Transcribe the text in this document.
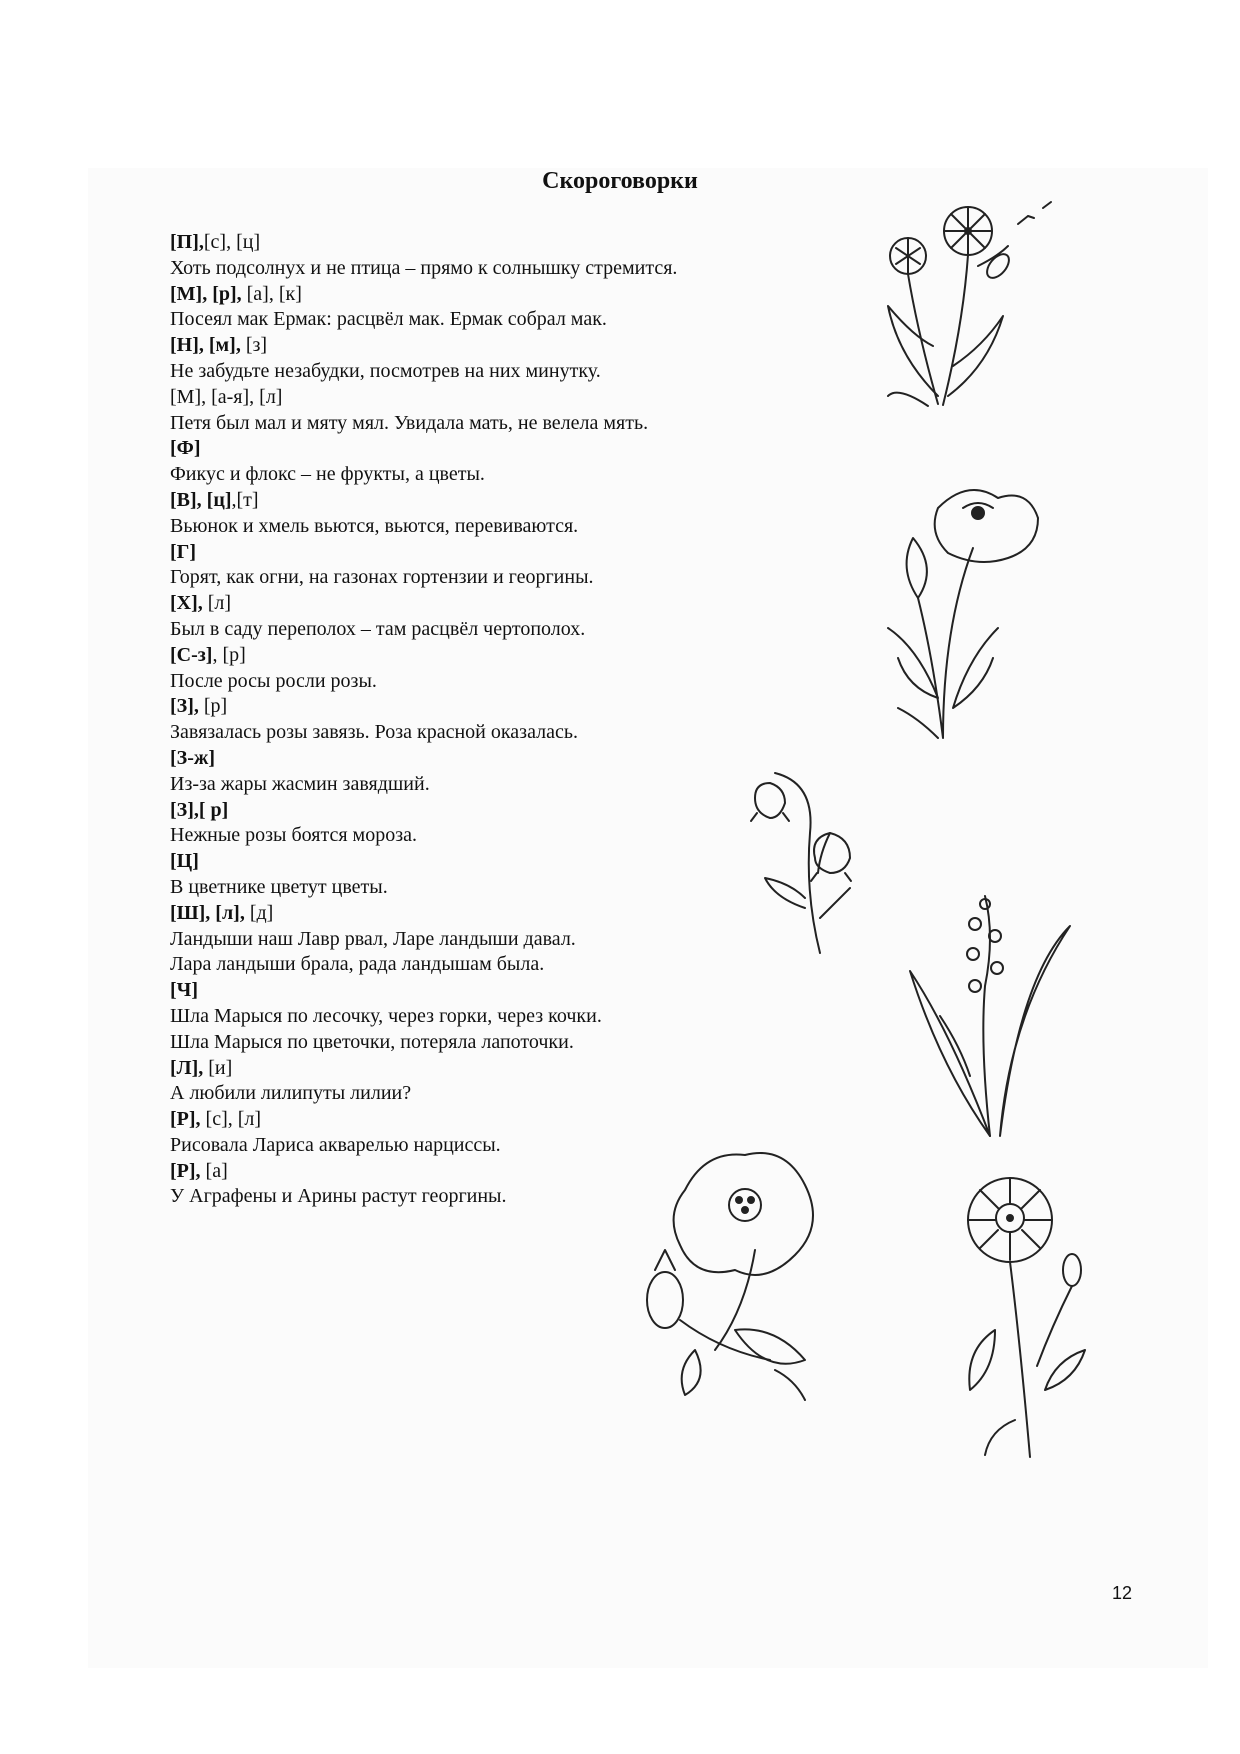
Скороговорки
[П],[с], [ц]
Хоть подсолнух и не птица – прямо к солнышку стремится.
[М], [р], [а], [к]
Посеял мак Ермак: расцвёл мак. Ермак собрал мак.
[Н], [м], [з]
Не забудьте незабудки, посмотрев на них минутку.
[М], [а-я], [л]
Петя был мал и мяту мял. Увидала мать, не велела мять.
[Ф]
Фикус и флокс – не фрукты, а цветы.
[В], [ц],[т]
Вьюнок и хмель вьются, вьются, перевиваются.
[Г]
Горят, как огни, на газонах гортензии и георгины.
[Х], [л]
Был в саду переполох – там расцвёл чертополох.
[С-з], [р]
После росы росли розы.
[З], [р]
Завязалась розы завязь. Роза красной оказалась.
[З-ж]
Из-за жары жасмин завядший.
[З],[ р]
Нежные розы боятся мороза.
[Ц]
В цветнике цветут цветы.
[Ш], [л], [д]
Ландыши наш Лавр рвал, Ларе ландыши давал.
Лара ландыши брала, рада ландышам была.
[Ч]
Шла Марыся по лесочку, через горки, через кочки.
Шла Марыся по цветочки, потеряла лапоточки.
[Л], [и]
А любили лилипуты лилии?
[Р], [с], [л]
Рисовала Лариса акварелью нарциссы.
[Р], [а]
У Аграфены и Арины растут георгины.
12
